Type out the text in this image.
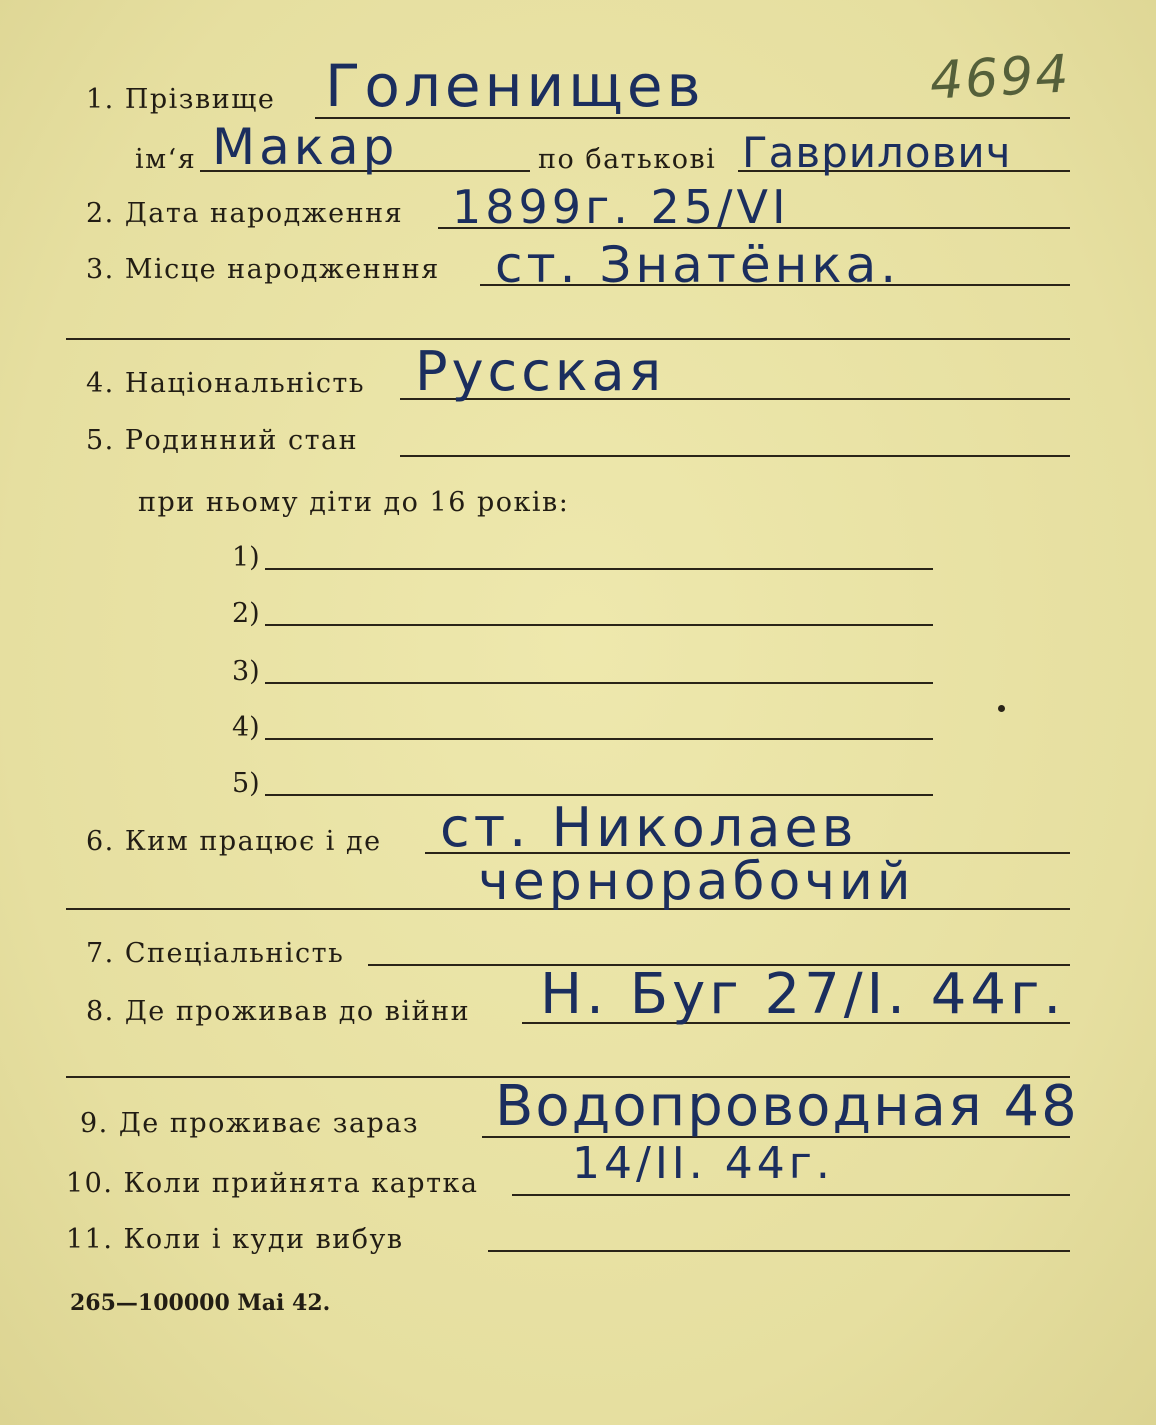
4694
1. Прізвище Голенищев
ім‘я Макар	по батькові Гаврилович
2. Дата народження 1899г. 25/VI
3. Місце народженння ст. Знатёнка.
4. Національність Русская
5. Родинний стан
при ньому діти до 16 років:
1)
2)
3)
4)
5)
6. Ким працює і де ст. Николаев
чернорабочий
7. Спеціальність
8. Де проживав до війни Н. Буг 27/I. 44г.
9. Де проживає зараз Водопроводная 48
10. Коли прийнята картка 14/II. 44г.
11. Коли і куди вибув
265—100000 Mai 42.
